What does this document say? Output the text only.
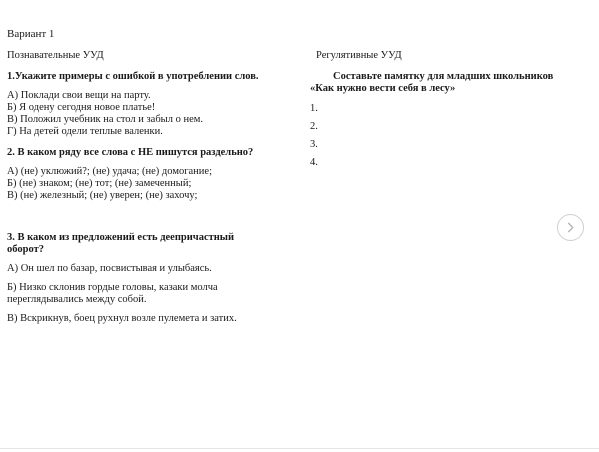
Вариант 1
Познавательные УУД
1.Укажите примеры с ошибкой в употреблении слов.
А) Поклади свои вещи на парту.
Б) Я одену сегодня новое платье!
В) Положил учебник на стол и забыл о нем.
Г) На детей одели теплые валенки.
2. В каком ряду все слова с НЕ пишутся раздельно?
А) (не) уклюжий?; (не) удача; (не) домогание;
Б) (не) знаком; (не) тот; (не) замеченный;
В) (не) железный; (не) уверен; (не) захочу;
3. В каком из предложений есть деепричастный
оборот?
А) Он шел по базар, посвистывая и улыбаясь.
Б) Низко склонив гордые головы, казаки молча
переглядывались между собой.
В) Вскрикнув, боец рухнул возле пулемета и затих.
Регулятивные УУД
Составьте памятку для младших школьников
«Как нужно вести себя в лесу»
1.
2.
3.
4.
